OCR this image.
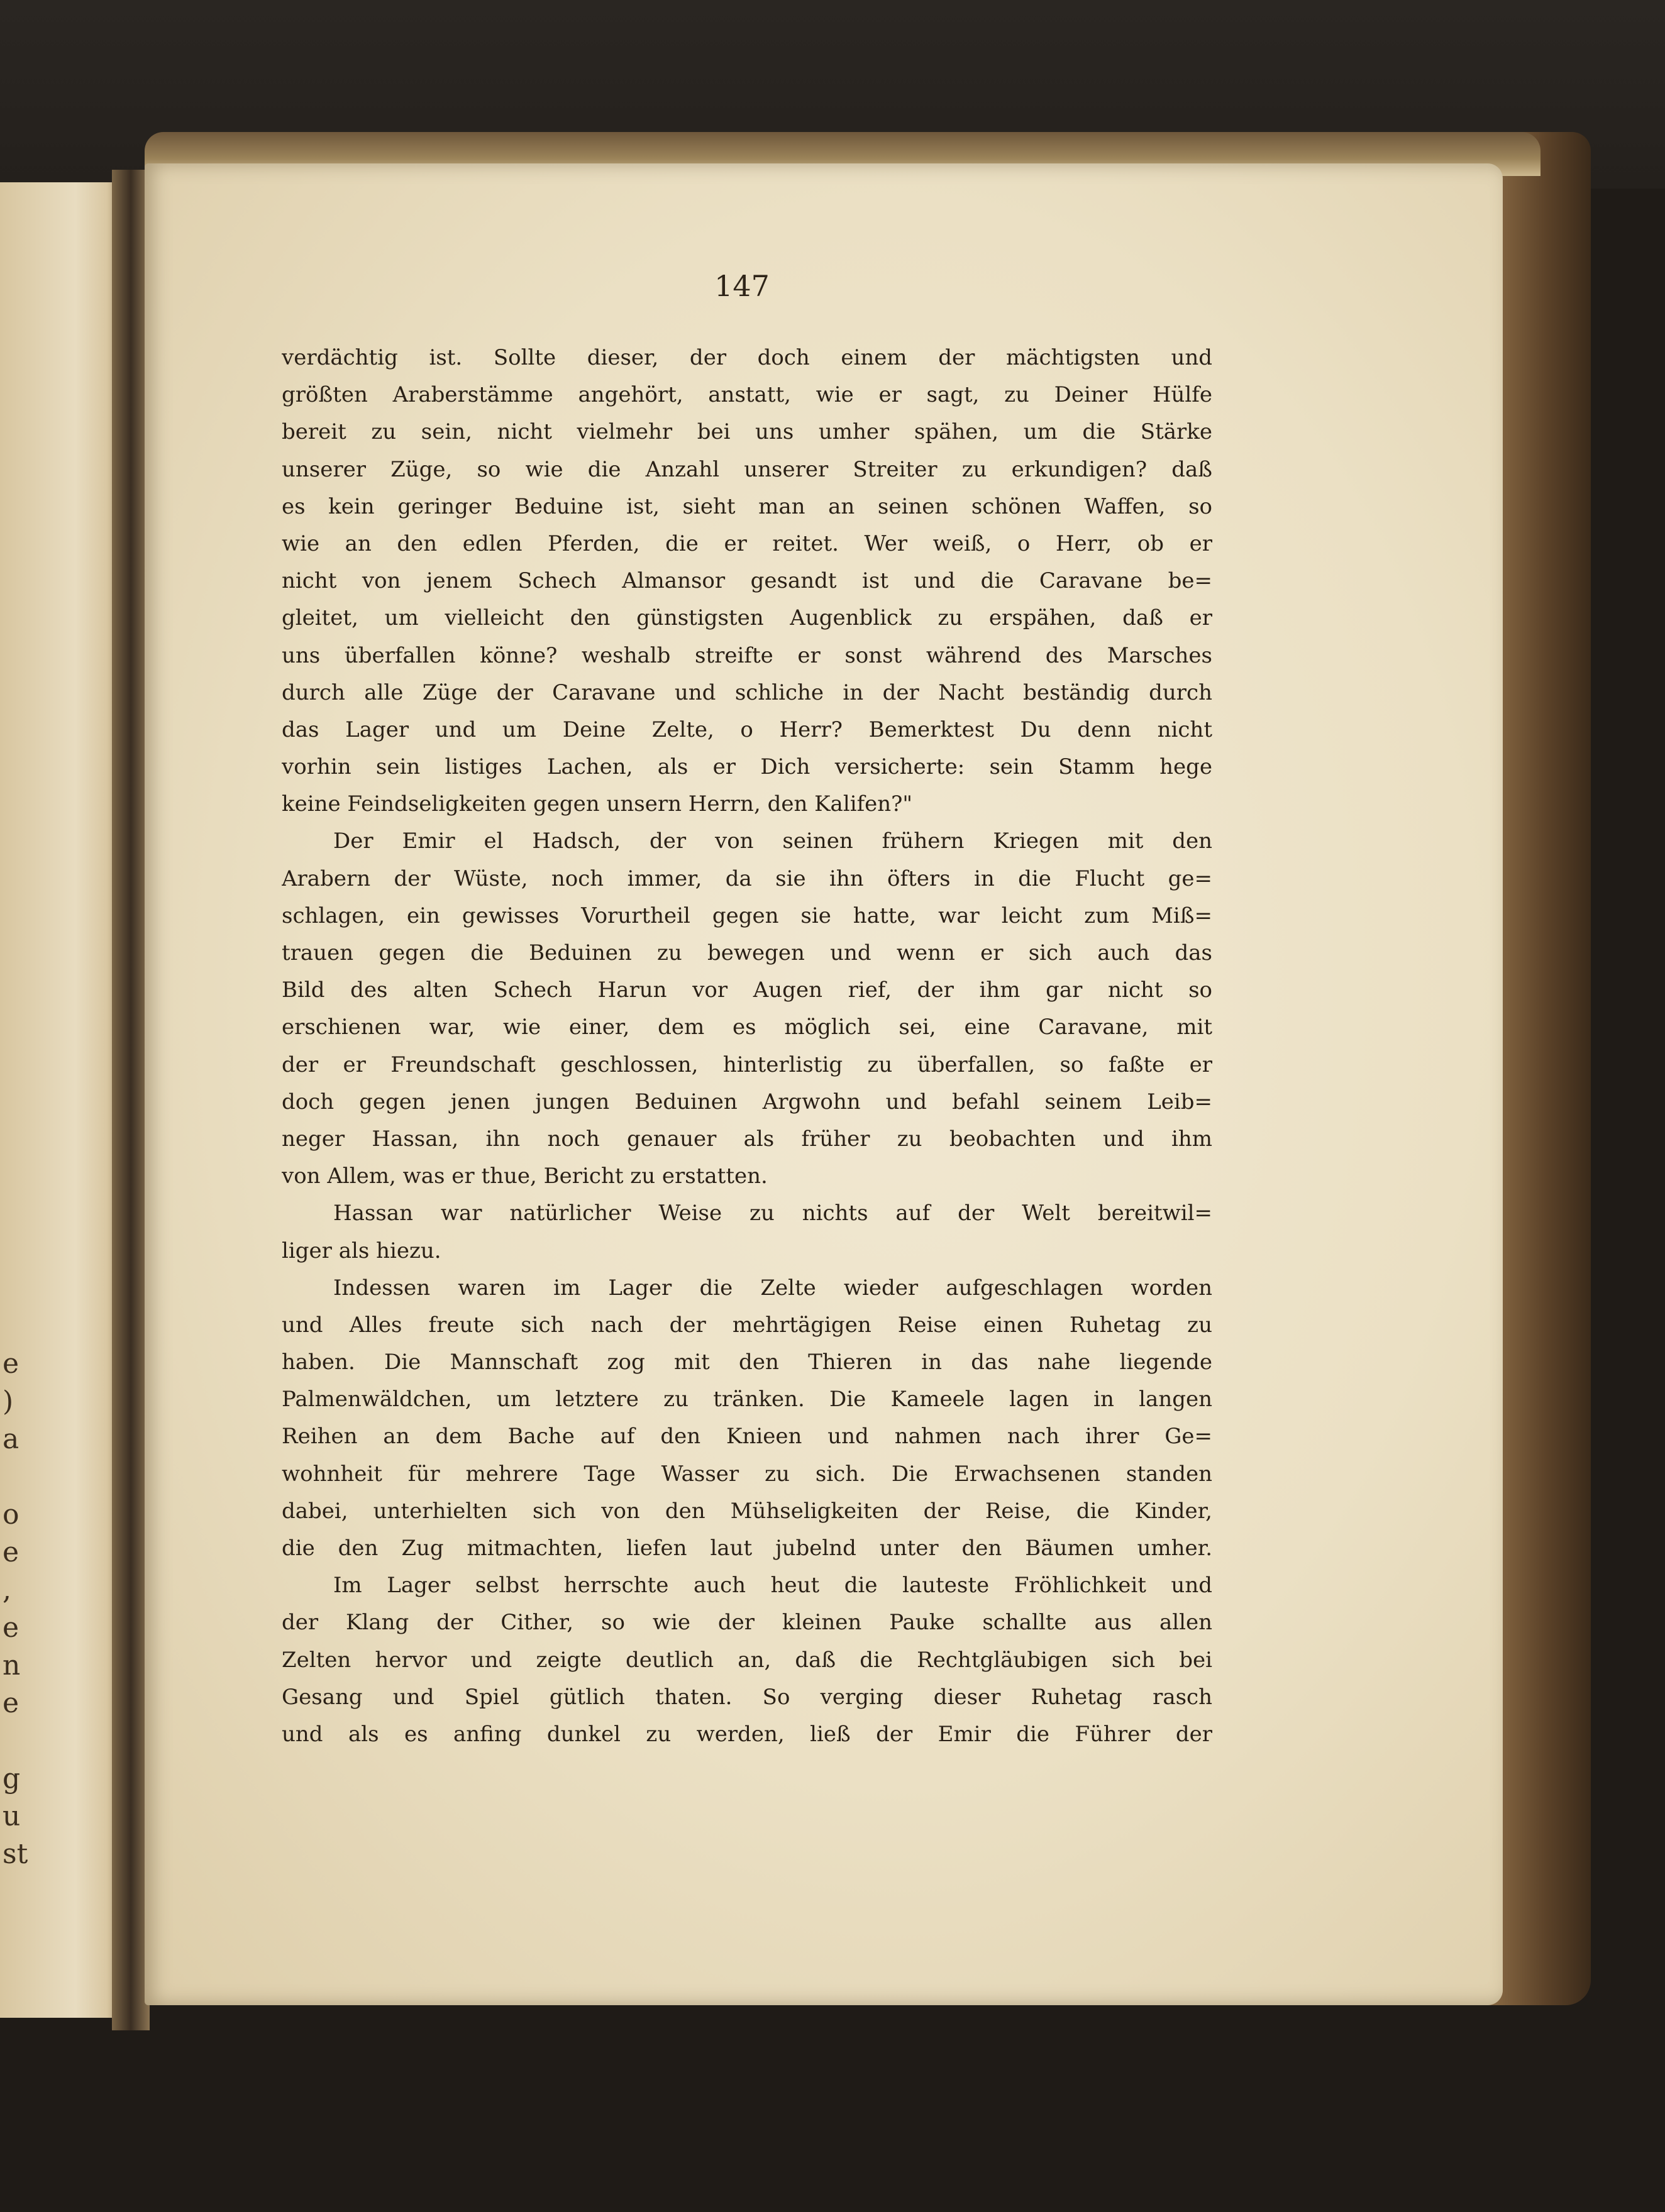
e
)
a
o
e
,
e
n
e
g
u
st
147
verdächtig ist. Sollte dieser, der doch einem der mächtigsten und
größten Araberstämme angehört, anstatt, wie er sagt, zu Deiner Hülfe
bereit zu sein, nicht vielmehr bei uns umher spähen, um die Stärke
unserer Züge, so wie die Anzahl unserer Streiter zu erkundigen? daß
es kein geringer Beduine ist, sieht man an seinen schönen Waffen, so
wie an den edlen Pferden, die er reitet. Wer weiß, o Herr, ob er
nicht von jenem Schech Almansor gesandt ist und die Caravane be=
gleitet, um vielleicht den günstigsten Augenblick zu erspähen, daß er
uns überfallen könne? weshalb streifte er sonst während des Marsches
durch alle Züge der Caravane und schliche in der Nacht beständig durch
das Lager und um Deine Zelte, o Herr? Bemerktest Du denn nicht
vorhin sein listiges Lachen, als er Dich versicherte: sein Stamm hege
keine Feindseligkeiten gegen unsern Herrn, den Kalifen?"
Der Emir el Hadsch, der von seinen frühern Kriegen mit den
Arabern der Wüste, noch immer, da sie ihn öfters in die Flucht ge=
schlagen, ein gewisses Vorurtheil gegen sie hatte, war leicht zum Miß=
trauen gegen die Beduinen zu bewegen und wenn er sich auch das
Bild des alten Schech Harun vor Augen rief, der ihm gar nicht so
erschienen war, wie einer, dem es möglich sei, eine Caravane, mit
der er Freundschaft geschlossen, hinterlistig zu überfallen, so faßte er
doch gegen jenen jungen Beduinen Argwohn und befahl seinem Leib=
neger Hassan, ihn noch genauer als früher zu beobachten und ihm
von Allem, was er thue, Bericht zu erstatten.
Hassan war natürlicher Weise zu nichts auf der Welt bereitwil=
liger als hiezu.
Indessen waren im Lager die Zelte wieder aufgeschlagen worden
und Alles freute sich nach der mehrtägigen Reise einen Ruhetag zu
haben. Die Mannschaft zog mit den Thieren in das nahe liegende
Palmenwäldchen, um letztere zu tränken. Die Kameele lagen in langen
Reihen an dem Bache auf den Knieen und nahmen nach ihrer Ge=
wohnheit für mehrere Tage Wasser zu sich. Die Erwachsenen standen
dabei, unterhielten sich von den Mühseligkeiten der Reise, die Kinder,
die den Zug mitmachten, liefen laut jubelnd unter den Bäumen umher.
Im Lager selbst herrschte auch heut die lauteste Fröhlichkeit und
der Klang der Cither, so wie der kleinen Pauke schallte aus allen
Zelten hervor und zeigte deutlich an, daß die Rechtgläubigen sich bei
Gesang und Spiel gütlich thaten. So verging dieser Ruhetag rasch
und als es anfing dunkel zu werden, ließ der Emir die Führer der
